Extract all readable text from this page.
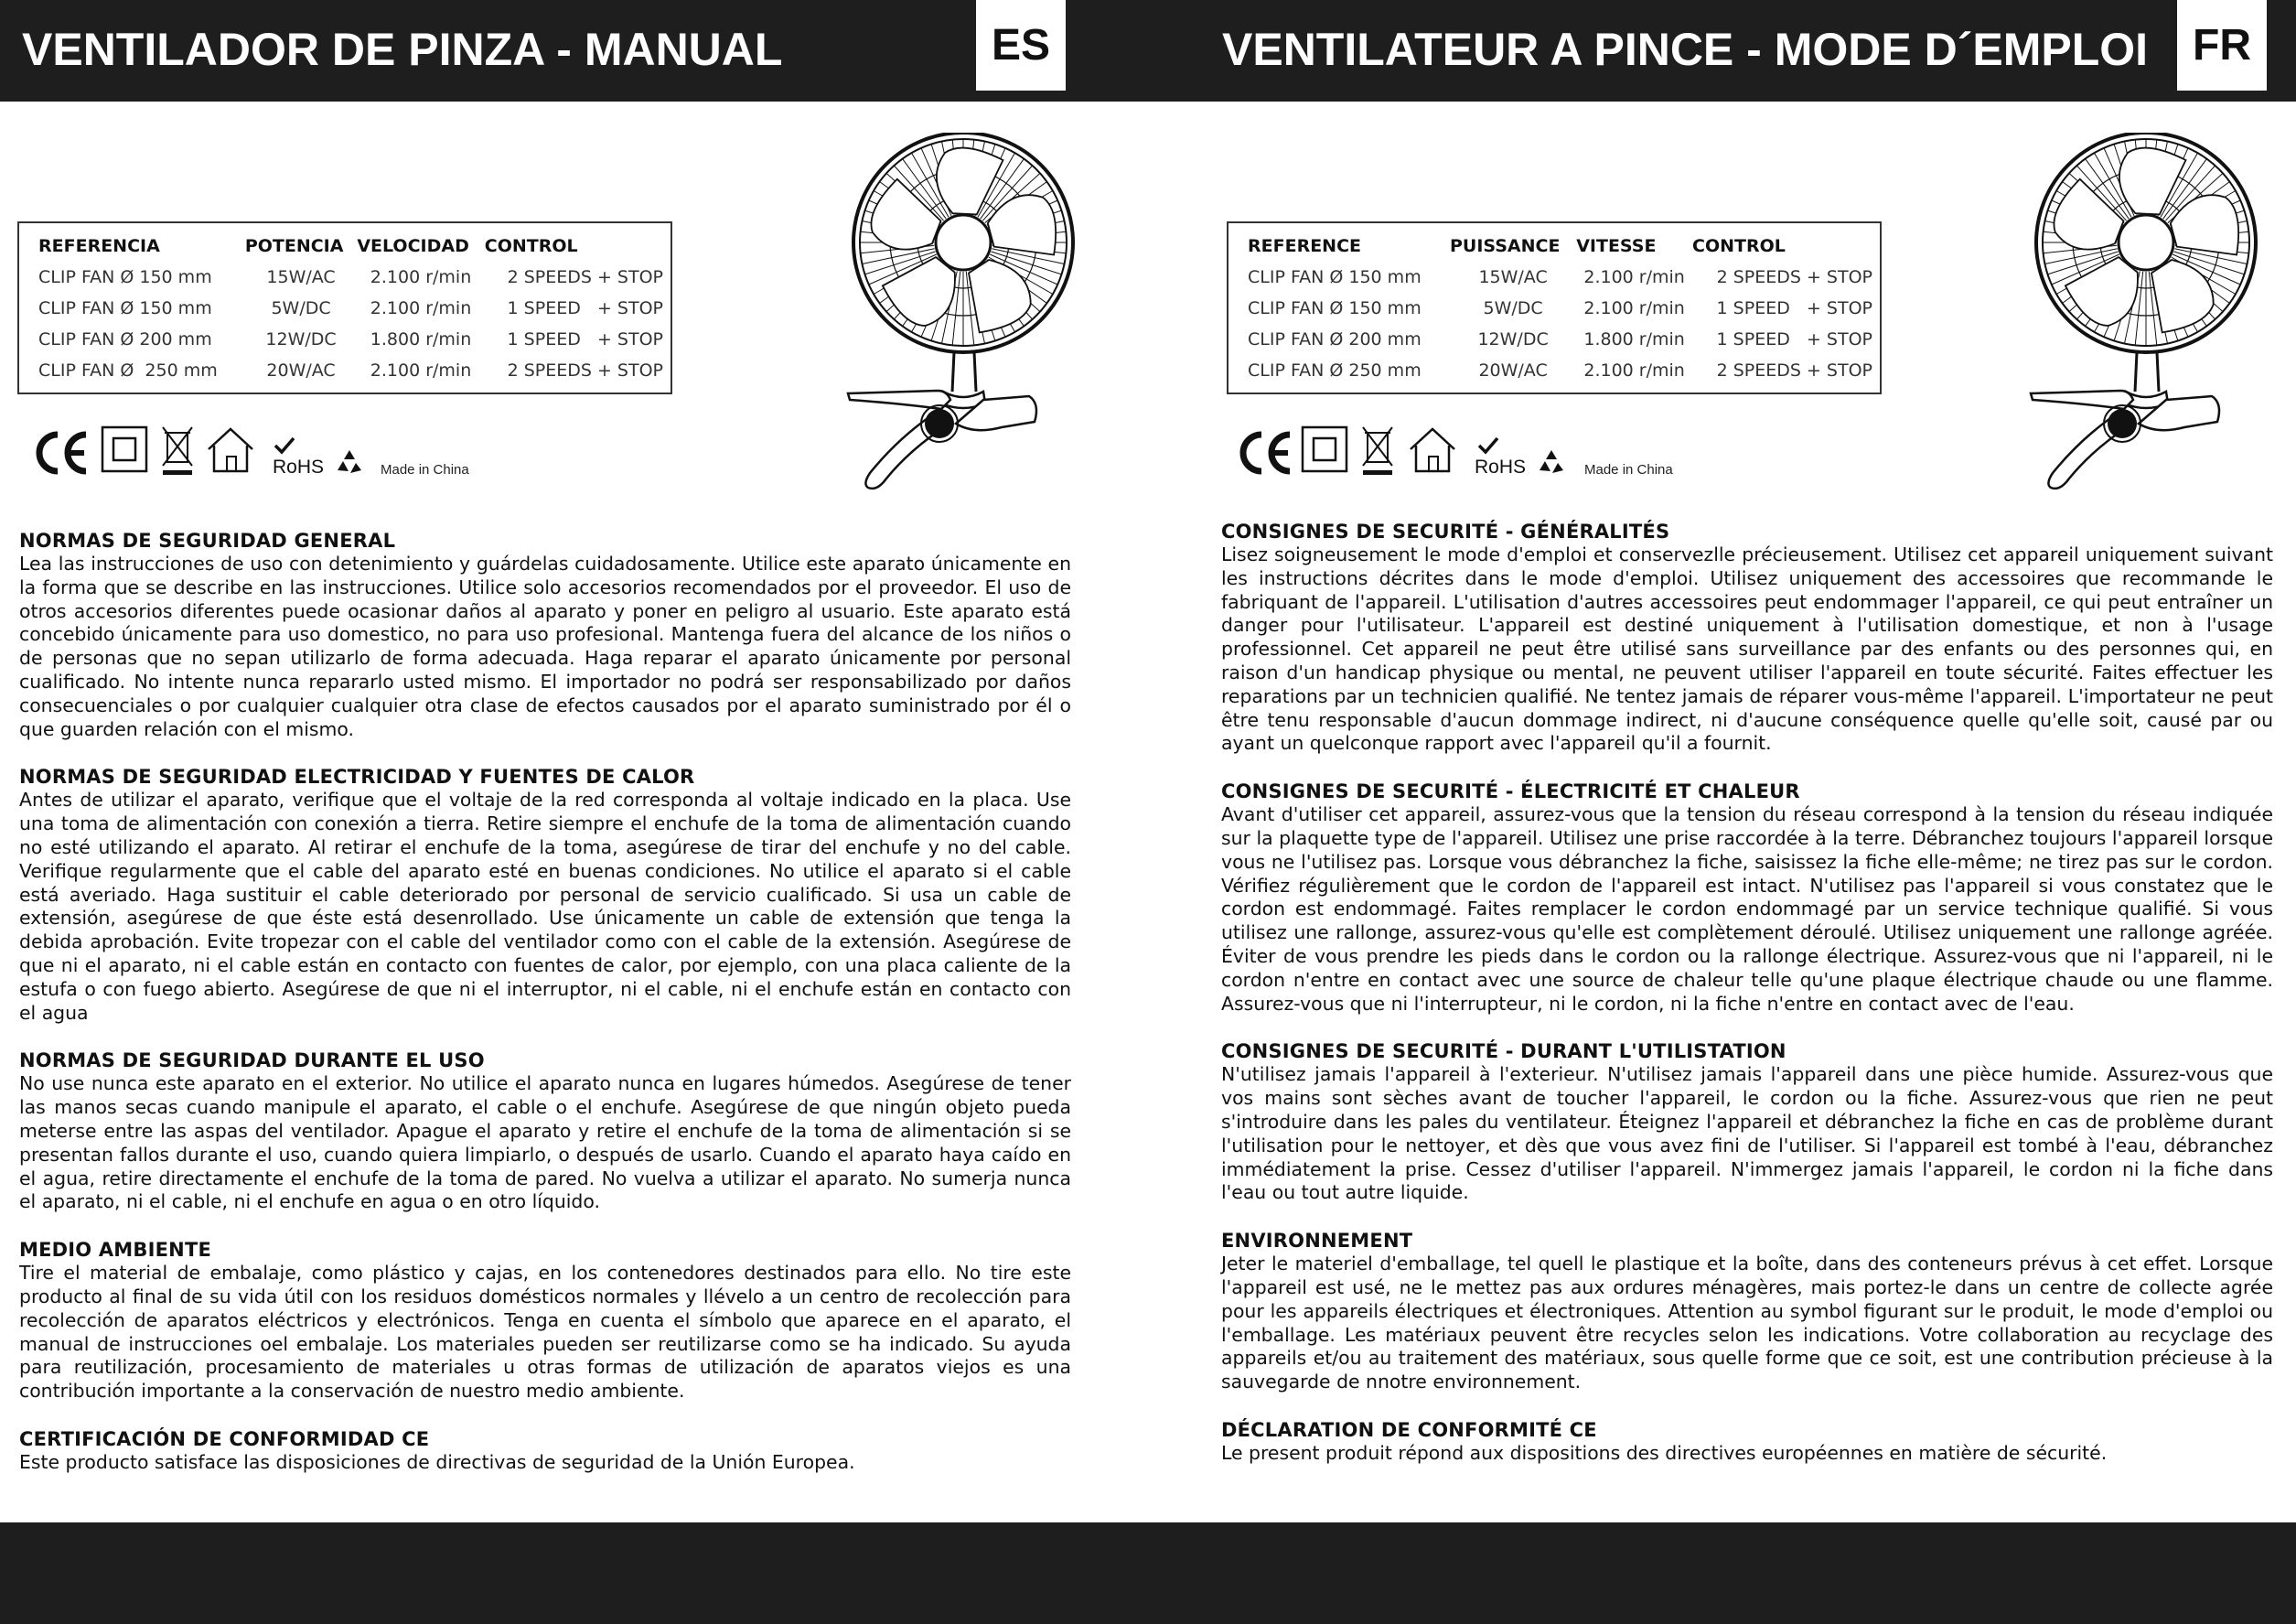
VENTILADOR DE PINZA - MANUAL	ES	VENTILATEUR A PINCE - MODE D´EMPLOI	FR
REFERENCIA	POTENCIA	VELOCIDAD	CONTROL
CLIP FAN Ø 150 mm	15W/AC	2.100 r/min	2 SPEEDS + STOP
CLIP FAN Ø 150 mm	5W/DC	2.100 r/min	1 SPEED   + STOP
CLIP FAN Ø 200 mm	12W/DC	1.800 r/min	1 SPEED   + STOP
CLIP FAN Ø  250 mm	20W/AC	2.100 r/min	2 SPEEDS + STOP
REFERENCE	PUISSANCE	VITESSE	CONTROL
CLIP FAN Ø 150 mm	15W/AC	2.100 r/min	2 SPEEDS + STOP
CLIP FAN Ø 150 mm	5W/DC	2.100 r/min	1 SPEED   + STOP
CLIP FAN Ø 200 mm	12W/DC	1.800 r/min	1 SPEED   + STOP
CLIP FAN Ø 250 mm	20W/AC	2.100 r/min	2 SPEEDS + STOP
RoHS	Made in China	RoHS	Made in China
NORMAS DE SEGURIDAD GENERAL

Lea las instrucciones de uso con detenimiento y guárdelas cuidadosamente. Utilice este aparato únicamente en la forma que se describe en las instrucciones. Utilice solo accesorios recomendados por el proveedor. El uso de otros accesorios diferentes puede ocasionar daños al aparato y poner en peligro al usuario. Este aparato está concebido únicamente para uso domestico, no para uso profesional. Mantenga fuera del alcance de los niños o de personas que no sepan utilizarlo de forma adecuada. Haga reparar el aparato únicamente por personal cualificado. No intente nunca repararlo usted mismo. El importador no podrá ser responsabilizado por daños consecuenciales o por cualquier cualquier otra clase de efectos causados por el aparato suministrado por él o que guarden relación con el mismo.

NORMAS DE SEGURIDAD ELECTRICIDAD Y FUENTES DE CALOR

Antes de utilizar el aparato, verifique que el voltaje de la red corresponda al voltaje indicado en la placa. Use una toma de alimentación con conexión a tierra. Retire siempre el enchufe de la toma de alimentación cuando no esté utilizando el aparato. Al retirar el enchufe de la toma, asegúrese de tirar del enchufe y no del cable. Verifique regularmente que el cable del aparato esté en buenas condiciones. No utilice el aparato si el cable está averiado. Haga sustituir el cable deteriorado por personal de servicio cualificado. Si usa un cable de extensión, asegúrese de que éste está desenrollado. Use únicamente un cable de extensión que tenga la debida aprobación. Evite tropezar con el cable del ventilador como con el cable de la extensión. Asegúrese de que ni el aparato, ni el cable están en contacto con fuentes de calor, por ejemplo, con una placa caliente de la estufa o con fuego abierto. Asegúrese de que ni el interruptor, ni el cable, ni el enchufe están en contacto con el agua

NORMAS DE SEGURIDAD DURANTE EL USO

No use nunca este aparato en el exterior. No utilice el aparato nunca en lugares húmedos. Asegúrese de tener las manos secas cuando manipule el aparato, el cable o el enchufe. Asegúrese de que ningún objeto pueda meterse entre las aspas del ventilador. Apague el aparato y retire el enchufe de la toma de alimentación si se presentan fallos durante el uso, cuando quiera limpiarlo, o después de usarlo. Cuando el aparato haya caído en el agua, retire directamente el enchufe de la toma de pared. No vuelva a utilizar el aparato. No sumerja nunca el aparato, ni el cable, ni el enchufe en agua o en otro líquido.

MEDIO AMBIENTE

Tire el material de embalaje, como plástico y cajas, en los contenedores destinados para ello. No tire este producto al final de su vida útil con los residuos domésticos normales y llévelo a un centro de recolección para recolección de aparatos eléctricos y electrónicos. Tenga en cuenta el símbolo que aparece en el aparato, el manual de instrucciones oel embalaje. Los materiales pueden ser reutilizarse como se ha indicado. Su ayuda para reutilización, procesamiento de materiales u otras formas de utilización de aparatos viejos es una contribución importante a la conservación de nuestro medio ambiente.

CERTIFICACIÓN DE CONFORMIDAD CE

Este producto satisface las disposiciones de directivas de seguridad de la Unión Europea.

CONSIGNES DE SECURITÉ - GÉNÉRALITÉS

Lisez soigneusement le mode d'emploi et conservezlle précieusement. Utilisez cet appareil uniquement suivant les instructions décrites dans le mode d'emploi. Utilisez uniquement des accessoires que recommande le fabriquant de l'appareil. L'utilisation d'autres accessoires peut endommager l'appareil, ce qui peut entraîner un danger pour l'utilisateur. L'appareil est destiné uniquement à l'utilisation domestique, et non à l'usage professionnel. Cet appareil ne peut être utilisé sans surveillance par des enfants ou des personnes qui, en raison d'un handicap physique ou mental, ne peuvent utiliser l'appareil en toute sécurité. Faites effectuer les reparations par un technicien qualifié. Ne tentez jamais de réparer vous-même l'appareil. L'importateur ne peut être tenu responsable d'aucun dommage indirect, ni d'aucune conséquence quelle qu'elle soit, causé par ou ayant un quelconque rapport avec l'appareil qu'il a fournit.

CONSIGNES DE SECURITÉ - ÉLECTRICITÉ ET CHALEUR

Avant d'utiliser cet appareil, assurez-vous que la tension du réseau correspond à la tension du réseau indiquée sur la plaquette type de l'appareil. Utilisez une prise raccordée à la terre. Débranchez toujours l'appareil lorsque vous ne l'utilisez pas. Lorsque vous débranchez la fiche, saisissez la fiche elle-même; ne tirez pas sur le cordon. Vérifiez régulièrement que le cordon de l'appareil est intact. N'utilisez pas l'appareil si vous constatez que le cordon est endommagé. Faites remplacer le cordon endommagé par un service technique qualifié. Si vous utilisez une rallonge, assurez-vous qu'elle est complètement déroulé. Utilisez uniquement une rallonge agréée. Éviter de vous prendre les pieds dans le cordon ou la rallonge électrique. Assurez-vous que ni l'appareil, ni le cordon n'entre en contact avec une source de chaleur telle qu'une plaque électrique chaude ou une flamme. Assurez-vous que ni l'interrupteur, ni le cordon, ni la fiche n'entre en contact avec de l'eau.

CONSIGNES DE SECURITÉ - DURANT L'UTILISTATION

N'utilisez jamais l'appareil à l'exterieur. N'utilisez jamais l'appareil dans une pièce humide. Assurez-vous que vos mains sont sèches avant de toucher l'appareil, le cordon ou la fiche. Assurez-vous que rien ne peut s'introduire dans les pales du ventilateur. Éteignez l'appareil et débranchez la fiche en cas de problème durant l'utilisation pour le nettoyer, et dès que vous avez fini de l'utiliser. Si l'appareil est tombé à l'eau, débranchez immédiatement la prise. Cessez d'utiliser l'appareil. N'immergez jamais l'appareil, le cordon ni la fiche dans l'eau ou tout autre liquide.

ENVIRONNEMENT

Jeter le materiel d'emballage, tel quell le plastique et la boîte, dans des conteneurs prévus à cet effet. Lorsque l'appareil est usé, ne le mettez pas aux ordures ménagères, mais portez-le dans un centre de collecte agrée pour les appareils électriques et électroniques. Attention au symbol figurant sur le produit, le mode d'emploi ou l'emballage. Les matériaux peuvent être recycles selon les indications. Votre collaboration au recyclage des appareils et/ou au traitement des matériaux, sous quelle forme que ce soit, est une contribution précieuse à la sauvegarde de nnotre environnement.

DÉCLARATION DE CONFORMITÉ CE

Le present produit répond aux dispositions des directives européennes en matière de sécurité.
